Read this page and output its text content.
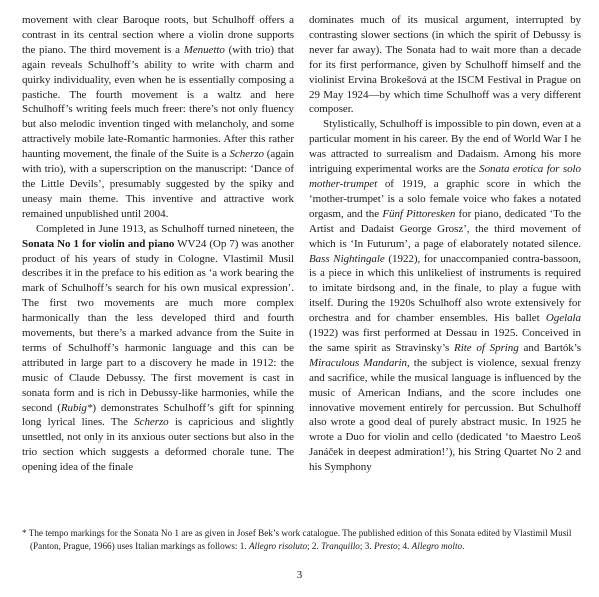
movement with clear Baroque roots, but Schulhoff offers a contrast in its central section where a violin drone supports the piano. The third movement is a Menuetto (with trio) that again reveals Schulhoff’s ability to write with charm and quirky individuality, even when he is essentially composing a pastiche. The fourth movement is a waltz and here Schulhoff’s writing feels much freer: there’s not only fluency but also melodic invention tinged with melancholy, and some attractively mobile late-Romantic harmonies. After this rather haunting movement, the finale of the Suite is a Scherzo (again with trio), with a superscription on the manuscript: ‘Dance of the Little Devils’, presumably suggested by the spiky and uneasy main theme. This inventive and attractive work remained unpublished until 2004.

Completed in June 1913, as Schulhoff turned nineteen, the Sonata No 1 for violin and piano WV24 (Op 7) was another product of his years of study in Cologne. Vlastimil Musil describes it in the preface to his edition as ‘a work bearing the mark of Schulhoff’s search for his own musical expression’. The first two movements are much more complex harmonically than the less developed third and fourth movements, but there’s a marked advance from the Suite in terms of Schulhoff’s harmonic language and this can be attributed in large part to a discovery he made in 1912: the music of Claude Debussy. The first movement is cast in sonata form and is rich in Debussy-like harmonies, while the second (Rubig*) demonstrates Schulhoff’s gift for spinning long lyrical lines. The Scherzo is capricious and slightly unsettled, not only in its anxious outer sections but also in the trio section which suggests a deformed chorale tune. The opening idea of the finale

dominates much of its musical argument, interrupted by contrasting slower sections (in which the spirit of Debussy is never far away). The Sonata had to wait more than a decade for its first performance, given by Schulhoff himself and the violinist Ervina Brokešová at the ISCM Festival in Prague on 29 May 1924—by which time Schulhoff was a very different composer.

Stylistically, Schulhoff is impossible to pin down, even at a particular moment in his career. By the end of World War I he was attracted to surrealism and Dadaism. Among his more intriguing experimental works are the Sonata erotica for solo mother-trumpet of 1919, a graphic score in which the ‘mother-trumpet’ is a solo female voice who fakes a notated orgasm, and the Fünf Pittoresken for piano, dedicated ‘To the Artist and Dadaist George Grosz’, the third movement of which is ‘In Futurum’, a page of elaborately notated silence. Bass Nightingale (1922), for unaccompanied contra-bassoon, is a piece in which this unlikeliest of instruments is required to imitate birdsong and, in the finale, to play a fugue with itself. During the 1920s Schulhoff also wrote extensively for orchestra and for chamber ensembles. His ballet Ogelala (1922) was first performed at Dessau in 1925. Conceived in the same spirit as Stravinsky’s Rite of Spring and Bartók’s Miraculous Mandarin, the subject is violence, sexual frenzy and sacrifice, while the musical language is influenced by the music of American Indians, and the score includes one innovative movement entirely for percussion. But Schulhoff also wrote a good deal of purely abstract music. In 1925 he wrote a Duo for violin and cello (dedicated ‘to Maestro Leoš Janáček in deepest admiration!’), his String Quartet No 2 and his Symphony

* The tempo markings for the Sonata No 1 are as given in Josef Bek’s work catalogue. The published edition of this Sonata edited by Vlastimil Musil (Panton, Prague, 1966) uses Italian markings as follows: 1. Allegro risoluto; 2. Tranquillo; 3. Presto; 4. Allegro molto.

3
